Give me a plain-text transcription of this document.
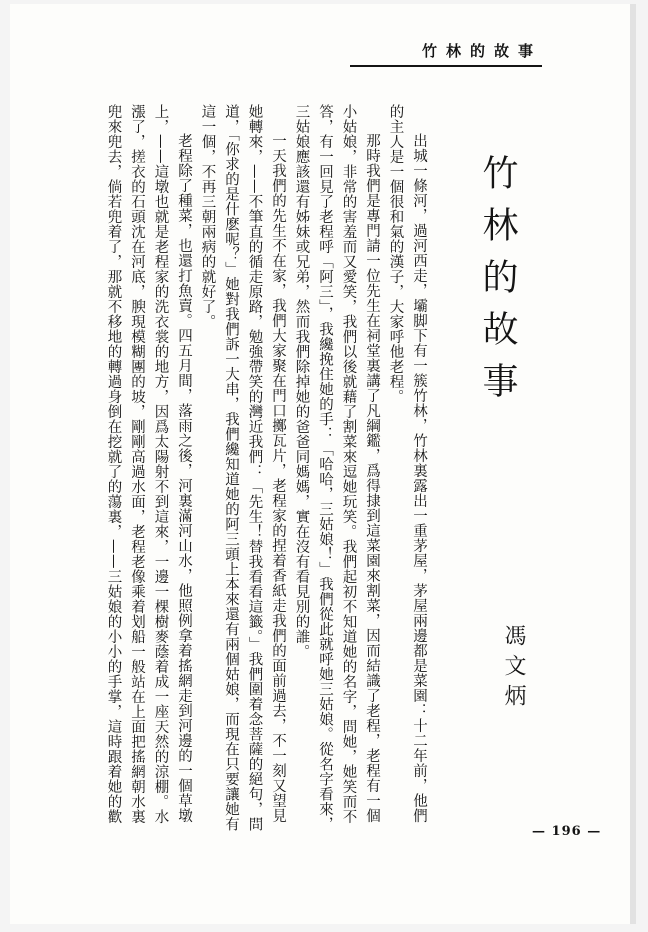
竹林的故事
竹林的故事
馮文炳

出城一條河，過河西走，壩脚下有一簇竹林，竹林裏露出一重茅屋，茅屋兩邊都是菜園：十二年前，他們的主人是一個很和氣的漢子，大家呼他老程。

那時我們是專門請一位先生在祠堂裏講了凡綱鑑，爲得捸到這菜園來割菜，因而結識了老程，老程有一個小姑娘，非常的害羞而又愛笑，我們以後就藉了割菜來逗她玩笑。我們起初不知道她的名字，問她，她笑而不答，有一回見了老程呼「阿三」，我纔挽住她的手：「哈哈，三姑娘！」我們從此就呼她三姑娘。從名字看來，三姑娘應該還有姊妹或兄弟，然而我們除掉她的爸爸同媽媽，實在沒有看見別的誰。

一天我們的先生不在家，我們大家聚在門口擲瓦片，老程家的捏着香紙走我們的面前過去，不一刻又望見她轉來，——不筆直的循走原路，勉強帶笑的灣近我們：「先生！替我看看這籤。」我們圍着念菩薩的絕句，問道，「你求的是什麽呢？」她對我們訴一大串，我們纔知道她的阿三頭上本來還有兩個姑娘，而現在只要讓她有這一個，不再三朝兩病的就好了。

老程除了種菜，也還打魚賣。四五月間，落雨之後，河裏滿河山水，他照例拿着搖網走到河邊的一個草墩上，——這墩也就是老程家的洗衣裳的地方，因爲太陽射不到這來，一邊一棵樹麥蔭着成一座天然的涼棚。水漲了，搓衣的石頭沈在河底，腴現模糊團的坡，剛剛高過水面，老程老像乘着划船一般站在上面把搖網朝水裏兜來兜去，倘若兜着了，那就不移地的轉過身倒在挖就了的蕩裏，——三姑娘的小小的手掌，這時跟着她的歡

— 196 —
